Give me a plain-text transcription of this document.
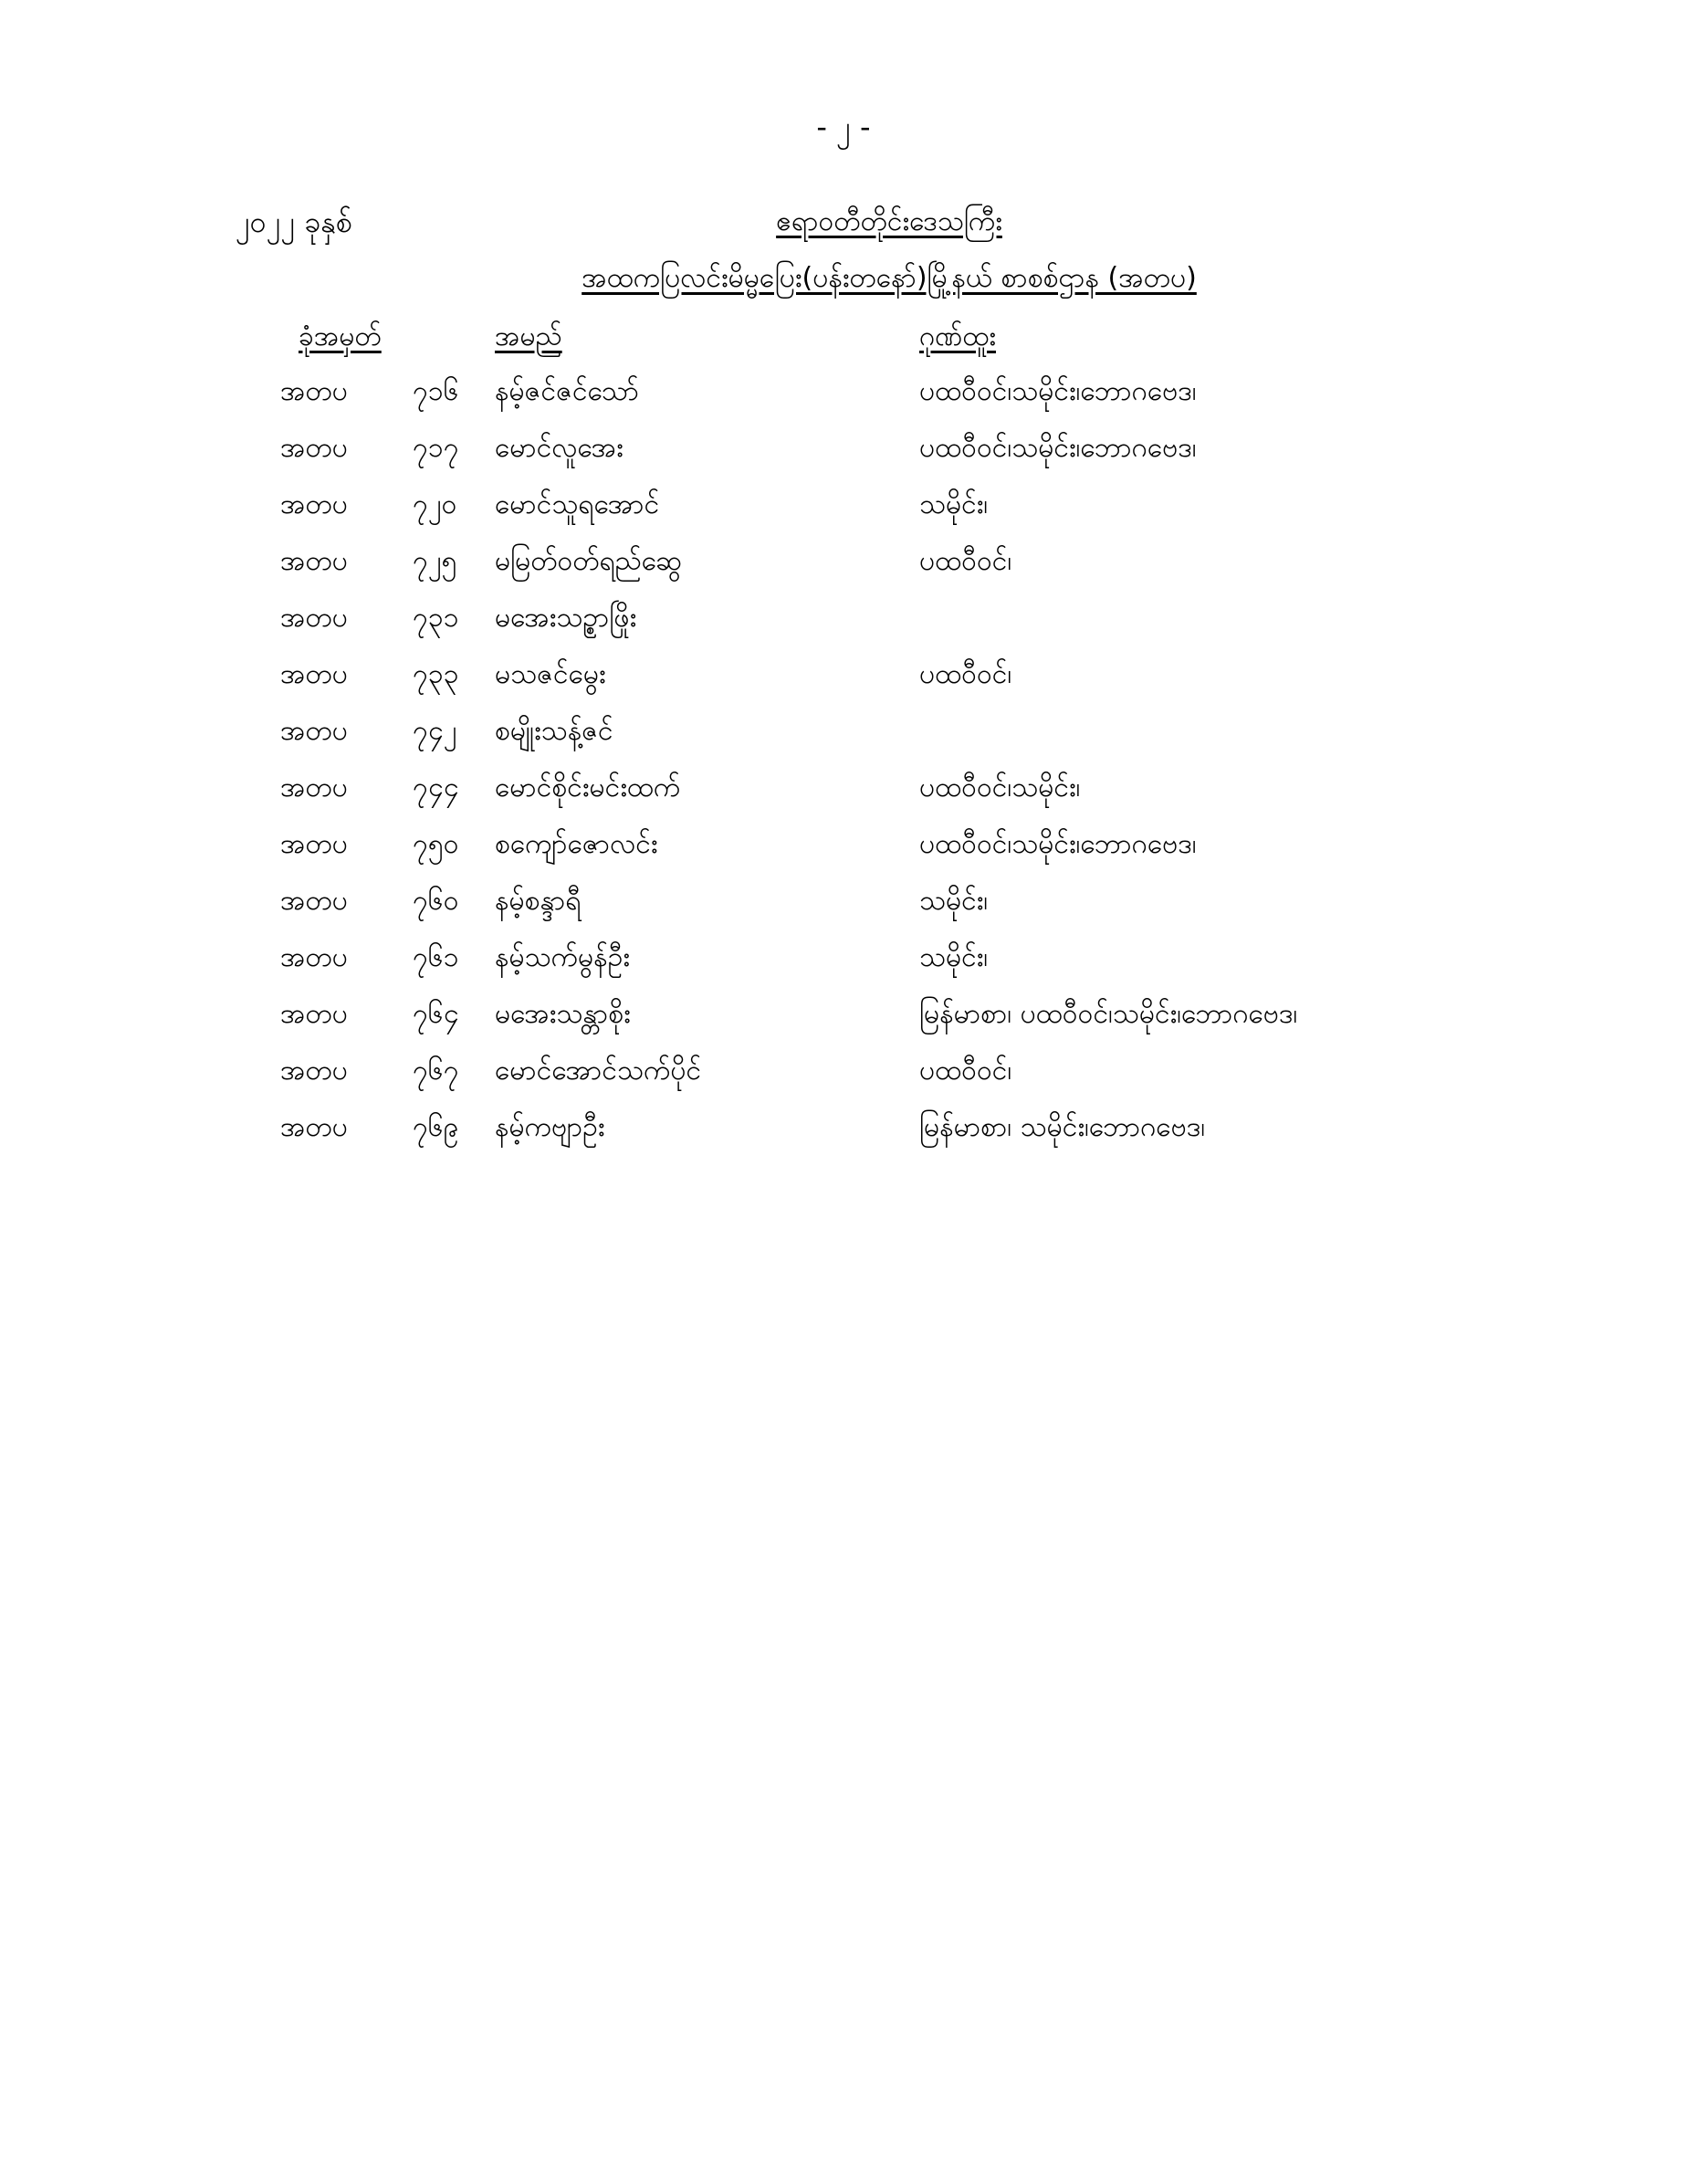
- ၂ -
၂၀၂၂ ခုနှစ်	ဧရာဝတီတိုင်းဒေသကြီး
အထကပြလင်းမိမ္မပြေး(ပန်းတနော်)မြို့နယ် စာစစ်ဌာန (အတပ)
ခုံအမှတ်	အမည်	ဂုဏ်ထူး
အတပ ၇၁၆ နမ့်ဇင်ဇင်သော်	ပထဝီဝင်၊သမိုင်း၊ဘောဂဗေဒ၊
အတပ ၇၁၇ မောင်လူအေး	ပထဝီဝင်၊သမိုင်း၊ဘောဂဗေဒ၊
အတပ ၇၂၀ မောင်သူရအောင်	သမိုင်း၊
အတပ ၇၂၅ မမြတ်ဝတ်ရည်ဆွေ	ပထဝီဝင်၊
အတပ ၇၃၁ မအေးသဥ္စာဖြိုး
အတပ ၇၃၃ မသဇင်မွေး	ပထဝီဝင်၊
အတပ ၇၄၂ စမျိုးသန့်ဇင်
အတပ ၇၄၄ မောင်စိုင်းမင်းထက်	ပထဝီဝင်၊သမိုင်း၊
အတပ ၇၅၀ စကျော်ဇောလင်း	ပထဝီဝင်၊သမိုင်း၊ဘောဂဗေဒ၊
အတပ ၇၆၀ နမ့်စန္ဒာရီ	သမိုင်း၊
အတပ ၇၆၁ နမ့်သက်မွန်ဦး	သမိုင်း၊
အတပ ၇၆၄ မအေးသန္တာစိုး	မြန်မာစာ၊ ပထဝီဝင်၊သမိုင်း၊ဘောဂဗေဒ၊
အတပ ၇၆၇ မောင်အောင်သက်ပိုင်	ပထဝီဝင်၊
အတပ ၇၆၉ နမ့်ကဗျာဦး	မြန်မာစာ၊ သမိုင်း၊ဘောဂဗေဒ၊
